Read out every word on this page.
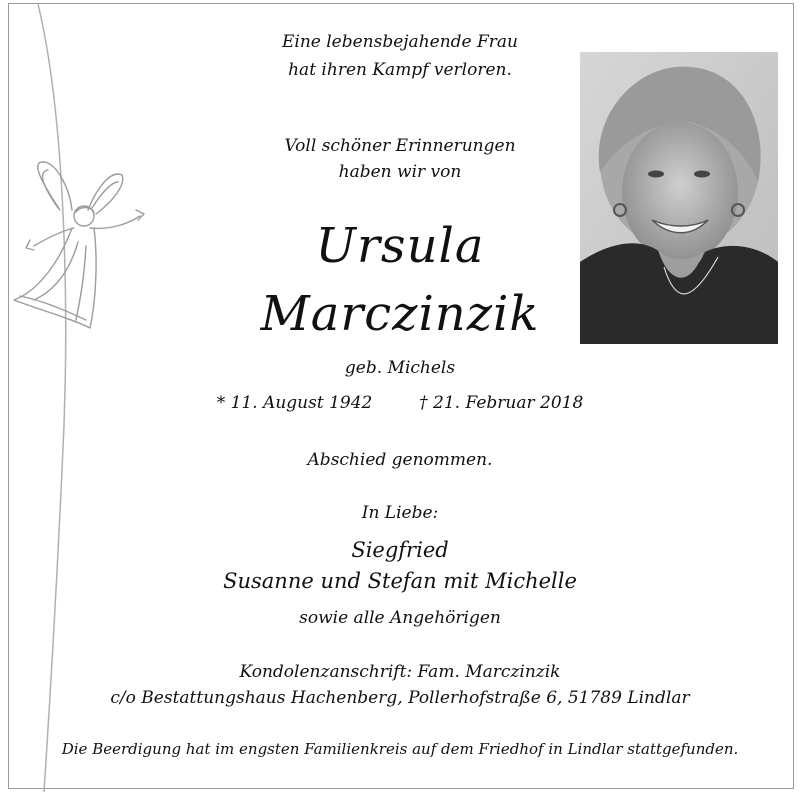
Eine lebensbejahende Frau
hat ihren Kampf verloren.
Voll schöner Erinnerungen
haben wir von
Ursula
Marczinzik
geb. Michels
* 11. August 1942	† 21. Februar 2018
Abschied genommen.
In Liebe:
Siegfried
Susanne und Stefan mit Michelle
sowie alle Angehörigen
Kondolenzanschrift: Fam. Marczinzik
c/o Bestattungshaus Hachenberg, Pollerhofstraße 6, 51789 Lindlar
Die Beerdigung hat im engsten Familienkreis auf dem Friedhof in Lindlar stattgefunden.
